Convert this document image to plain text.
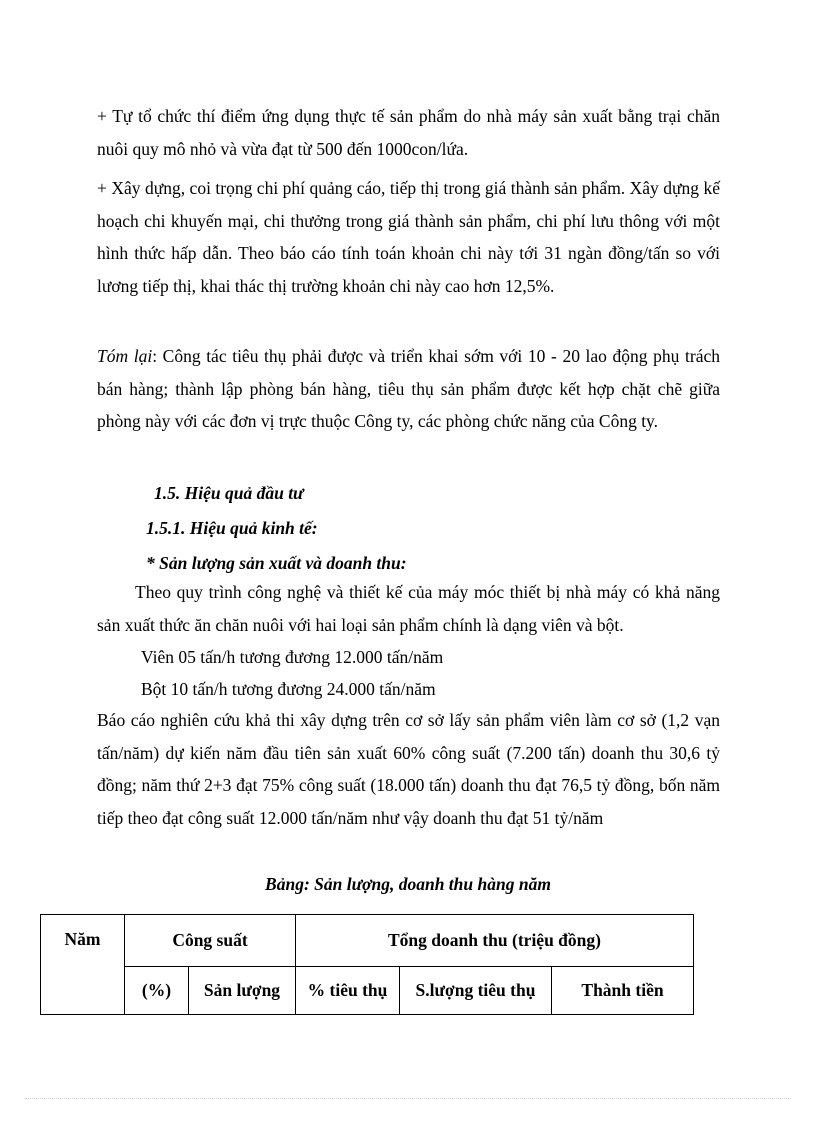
+ Tự tổ chức thí điểm ứng dụng thực tế sản phẩm do nhà máy sản xuất bằng trại chăn nuôi quy mô nhỏ và vừa đạt từ 500 đến 1000con/lứa.

+ Xây dựng, coi trọng chi phí quảng cáo, tiếp thị trong giá thành sản phẩm. Xây dựng kế hoạch chi khuyến mại, chi thưởng trong giá thành sản phẩm, chi phí lưu thông với một hình thức hấp dẫn. Theo báo cáo tính toán khoản chi này tới 31 ngàn đồng/tấn so với lương tiếp thị, khai thác thị trường khoản chi này cao hơn 12,5%.

Tóm lại: Công tác tiêu thụ phải được và triển khai sớm với 10 - 20 lao động phụ trách bán hàng; thành lập phòng bán hàng, tiêu thụ sản phẩm được kết hợp chặt chẽ giữa phòng này với các đơn vị trực thuộc Công ty, các phòng chức năng của Công ty.

1.5. Hiệu quả đầu tư

1.5.1. Hiệu quả kinh tế:

* Sản lượng sản xuất và doanh thu:

Theo quy trình công nghệ và thiết kế của máy móc thiết bị nhà máy có khả năng sản xuất thức ăn chăn nuôi với hai loại sản phẩm chính là dạng viên và bột.

Viên 05 tấn/h tương đương 12.000 tấn/năm

Bột 10 tấn/h tương đương 24.000 tấn/năm

Báo cáo nghiên cứu khả thi xây dựng trên cơ sở lấy sản phẩm viên làm cơ sở (1,2 vạn tấn/năm) dự kiến năm đầu tiên sản xuất 60% công suất (7.200 tấn) doanh thu 30,6 tỷ đồng; năm thứ 2+3 đạt 75% công suất (18.000 tấn) doanh thu đạt 76,5 tỷ đồng, bốn năm tiếp theo đạt công suất 12.000 tấn/năm như vậy doanh thu đạt 51 tỷ/năm

Bảng: Sản lượng, doanh thu hàng năm

Năm	Công suất		Tổng doanh thu (triệu đồng)		
	(%)	Sản lượng	% tiêu thụ	S.lượng tiêu thụ	Thành tiền
